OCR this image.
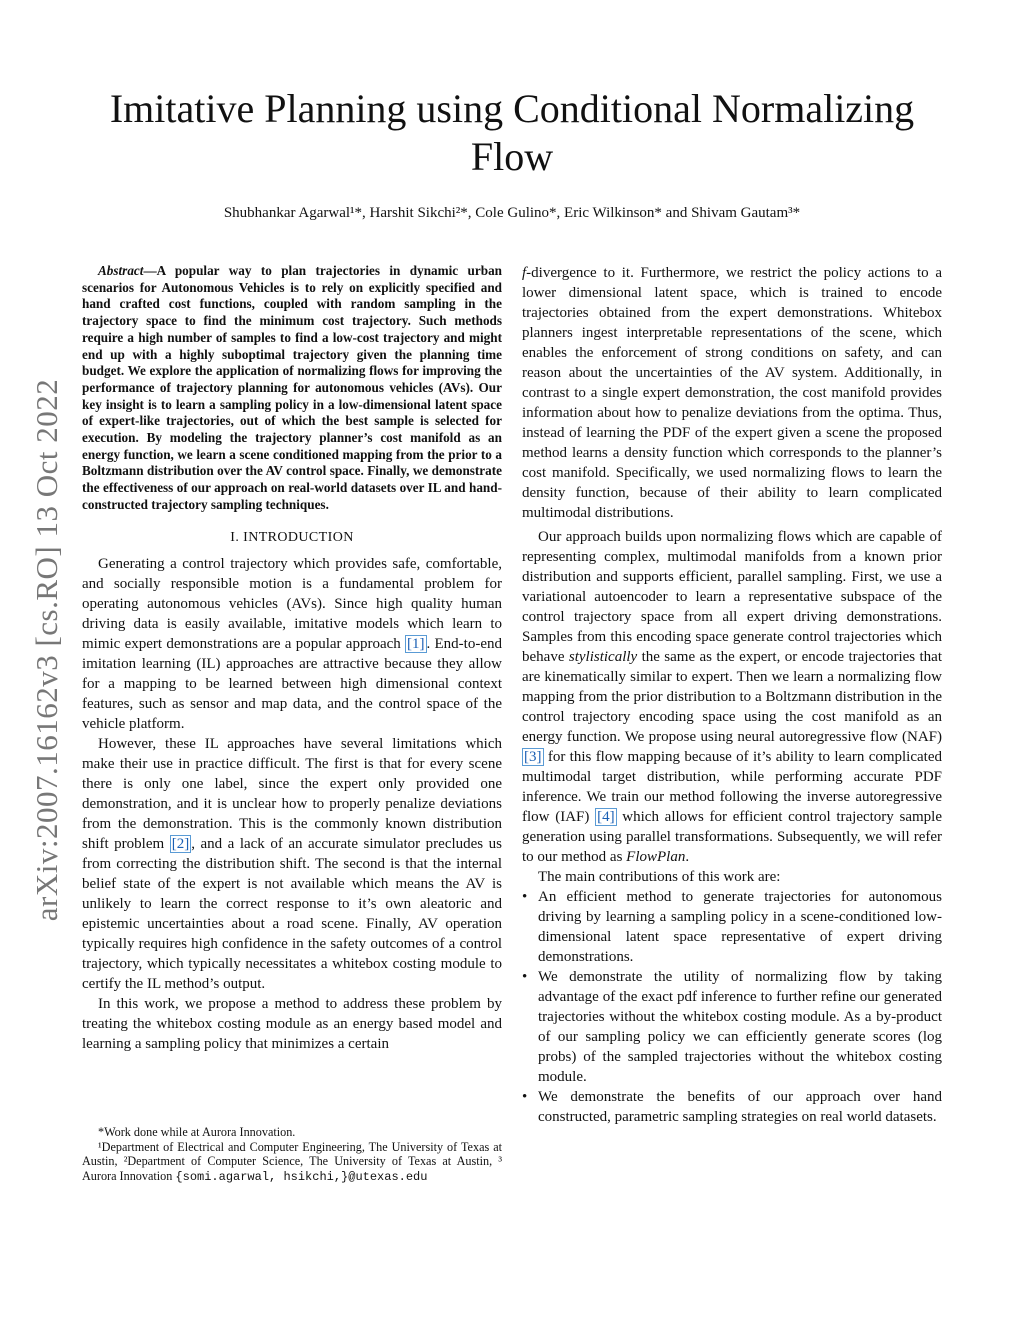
arXiv:2007.16162v3 [cs.RO] 13 Oct 2022
Imitative Planning using Conditional Normalizing Flow
Shubhankar Agarwal¹*, Harshit Sikchi²*, Cole Gulino*, Eric Wilkinson* and Shivam Gautam³*

Abstract—A popular way to plan trajectories in dynamic urban scenarios for Autonomous Vehicles is to rely on explicitly specified and hand crafted cost functions, coupled with random sampling in the trajectory space to find the minimum cost trajectory. Such methods require a high number of samples to find a low-cost trajectory and might end up with a highly suboptimal trajectory given the planning time budget. We explore the application of normalizing flows for improving the performance of trajectory planning for autonomous vehicles (AVs). Our key insight is to learn a sampling policy in a low-dimensional latent space of expert-like trajectories, out of which the best sample is selected for execution. By modeling the trajectory planner’s cost manifold as an energy function, we learn a scene conditioned mapping from the prior to a Boltzmann distribution over the AV control space. Finally, we demonstrate the effectiveness of our approach on real-world datasets over IL and hand-constructed trajectory sampling techniques.

I. INTRODUCTION

Generating a control trajectory which provides safe, comfortable, and socially responsible motion is a fundamental problem for operating autonomous vehicles (AVs). Since high quality human driving data is easily available, imitative models which learn to mimic expert demonstrations are a popular approach [1] . End-to-end imitation learning (IL) approaches are attractive because they allow for a mapping to be learned between high dimensional context features, such as sensor and map data, and the control space of the vehicle platform.

However, these IL approaches have several limitations which make their use in practice difficult. The first is that for every scene there is only one label, since the expert only provided one demonstration, and it is unclear how to properly penalize deviations from the demonstration. This is the commonly known distribution shift problem [2] , and a lack of an accurate simulator precludes us from correcting the distribution shift. The second is that the internal belief state of the expert is not available which means the AV is unlikely to learn the correct response to it’s own aleatoric and epistemic uncertainties about a road scene. Finally, AV operation typically requires high confidence in the safety outcomes of a control trajectory, which typically necessitates a whitebox costing module to certify the IL method’s output.

In this work, we propose a method to address these problem by treating the whitebox costing module as an energy based model and learning a sampling policy that minimizes a certain

*Work done while at Aurora Innovation.

¹Department of Electrical and Computer Engineering, The University of Texas at Austin, ²Department of Computer Science, The University of Texas at Austin, ³ Aurora Innovation {somi.agarwal, hsikchi,}@utexas.edu

f-divergence to it. Furthermore, we restrict the policy actions to a lower dimensional latent space, which is trained to encode trajectories obtained from the expert demonstrations. Whitebox planners ingest interpretable representations of the scene, which enables the enforcement of strong conditions on safety, and can reason about the uncertainties of the AV system. Additionally, in contrast to a single expert demonstration, the cost manifold provides information about how to penalize deviations from the optima. Thus, instead of learning the PDF of the expert given a scene the proposed method learns a density function which corresponds to the planner’s cost manifold. Specifically, we used normalizing flows to learn the density function, because of their ability to learn complicated multimodal distributions.

Our approach builds upon normalizing flows which are capable of representing complex, multimodal manifolds from a known prior distribution and supports efficient, parallel sampling. First, we use a variational autoencoder to learn a representative subspace of the control trajectory space from all expert driving demonstrations. Samples from this encoding space generate control trajectories which behave stylistically the same as the expert, or encode trajectories that are kinematically similar to expert. Then we learn a normalizing flow mapping from the prior distribution to a Boltzmann distribution in the control trajectory encoding space using the cost manifold as an energy function. We propose using neural autoregressive flow (NAF) [3] for this flow mapping because of it’s ability to learn complicated multimodal target distribution, while performing accurate PDF inference. We train our method following the inverse autoregressive flow (IAF) [4] which allows for efficient control trajectory sample generation using parallel transformations. Subsequently, we will refer to our method as FlowPlan.

The main contributions of this work are:

• An efficient method to generate trajectories for autonomous driving by learning a sampling policy in a scene-conditioned low-dimensional latent space representative of expert driving demonstrations.
• We demonstrate the utility of normalizing flow by taking advantage of the exact pdf inference to further refine our generated trajectories without the whitebox costing module. As a by-product of our sampling policy we can efficiently generate scores (log probs) of the sampled trajectories without the whitebox costing module.
• We demonstrate the benefits of our approach over hand constructed, parametric sampling strategies on real world datasets.
